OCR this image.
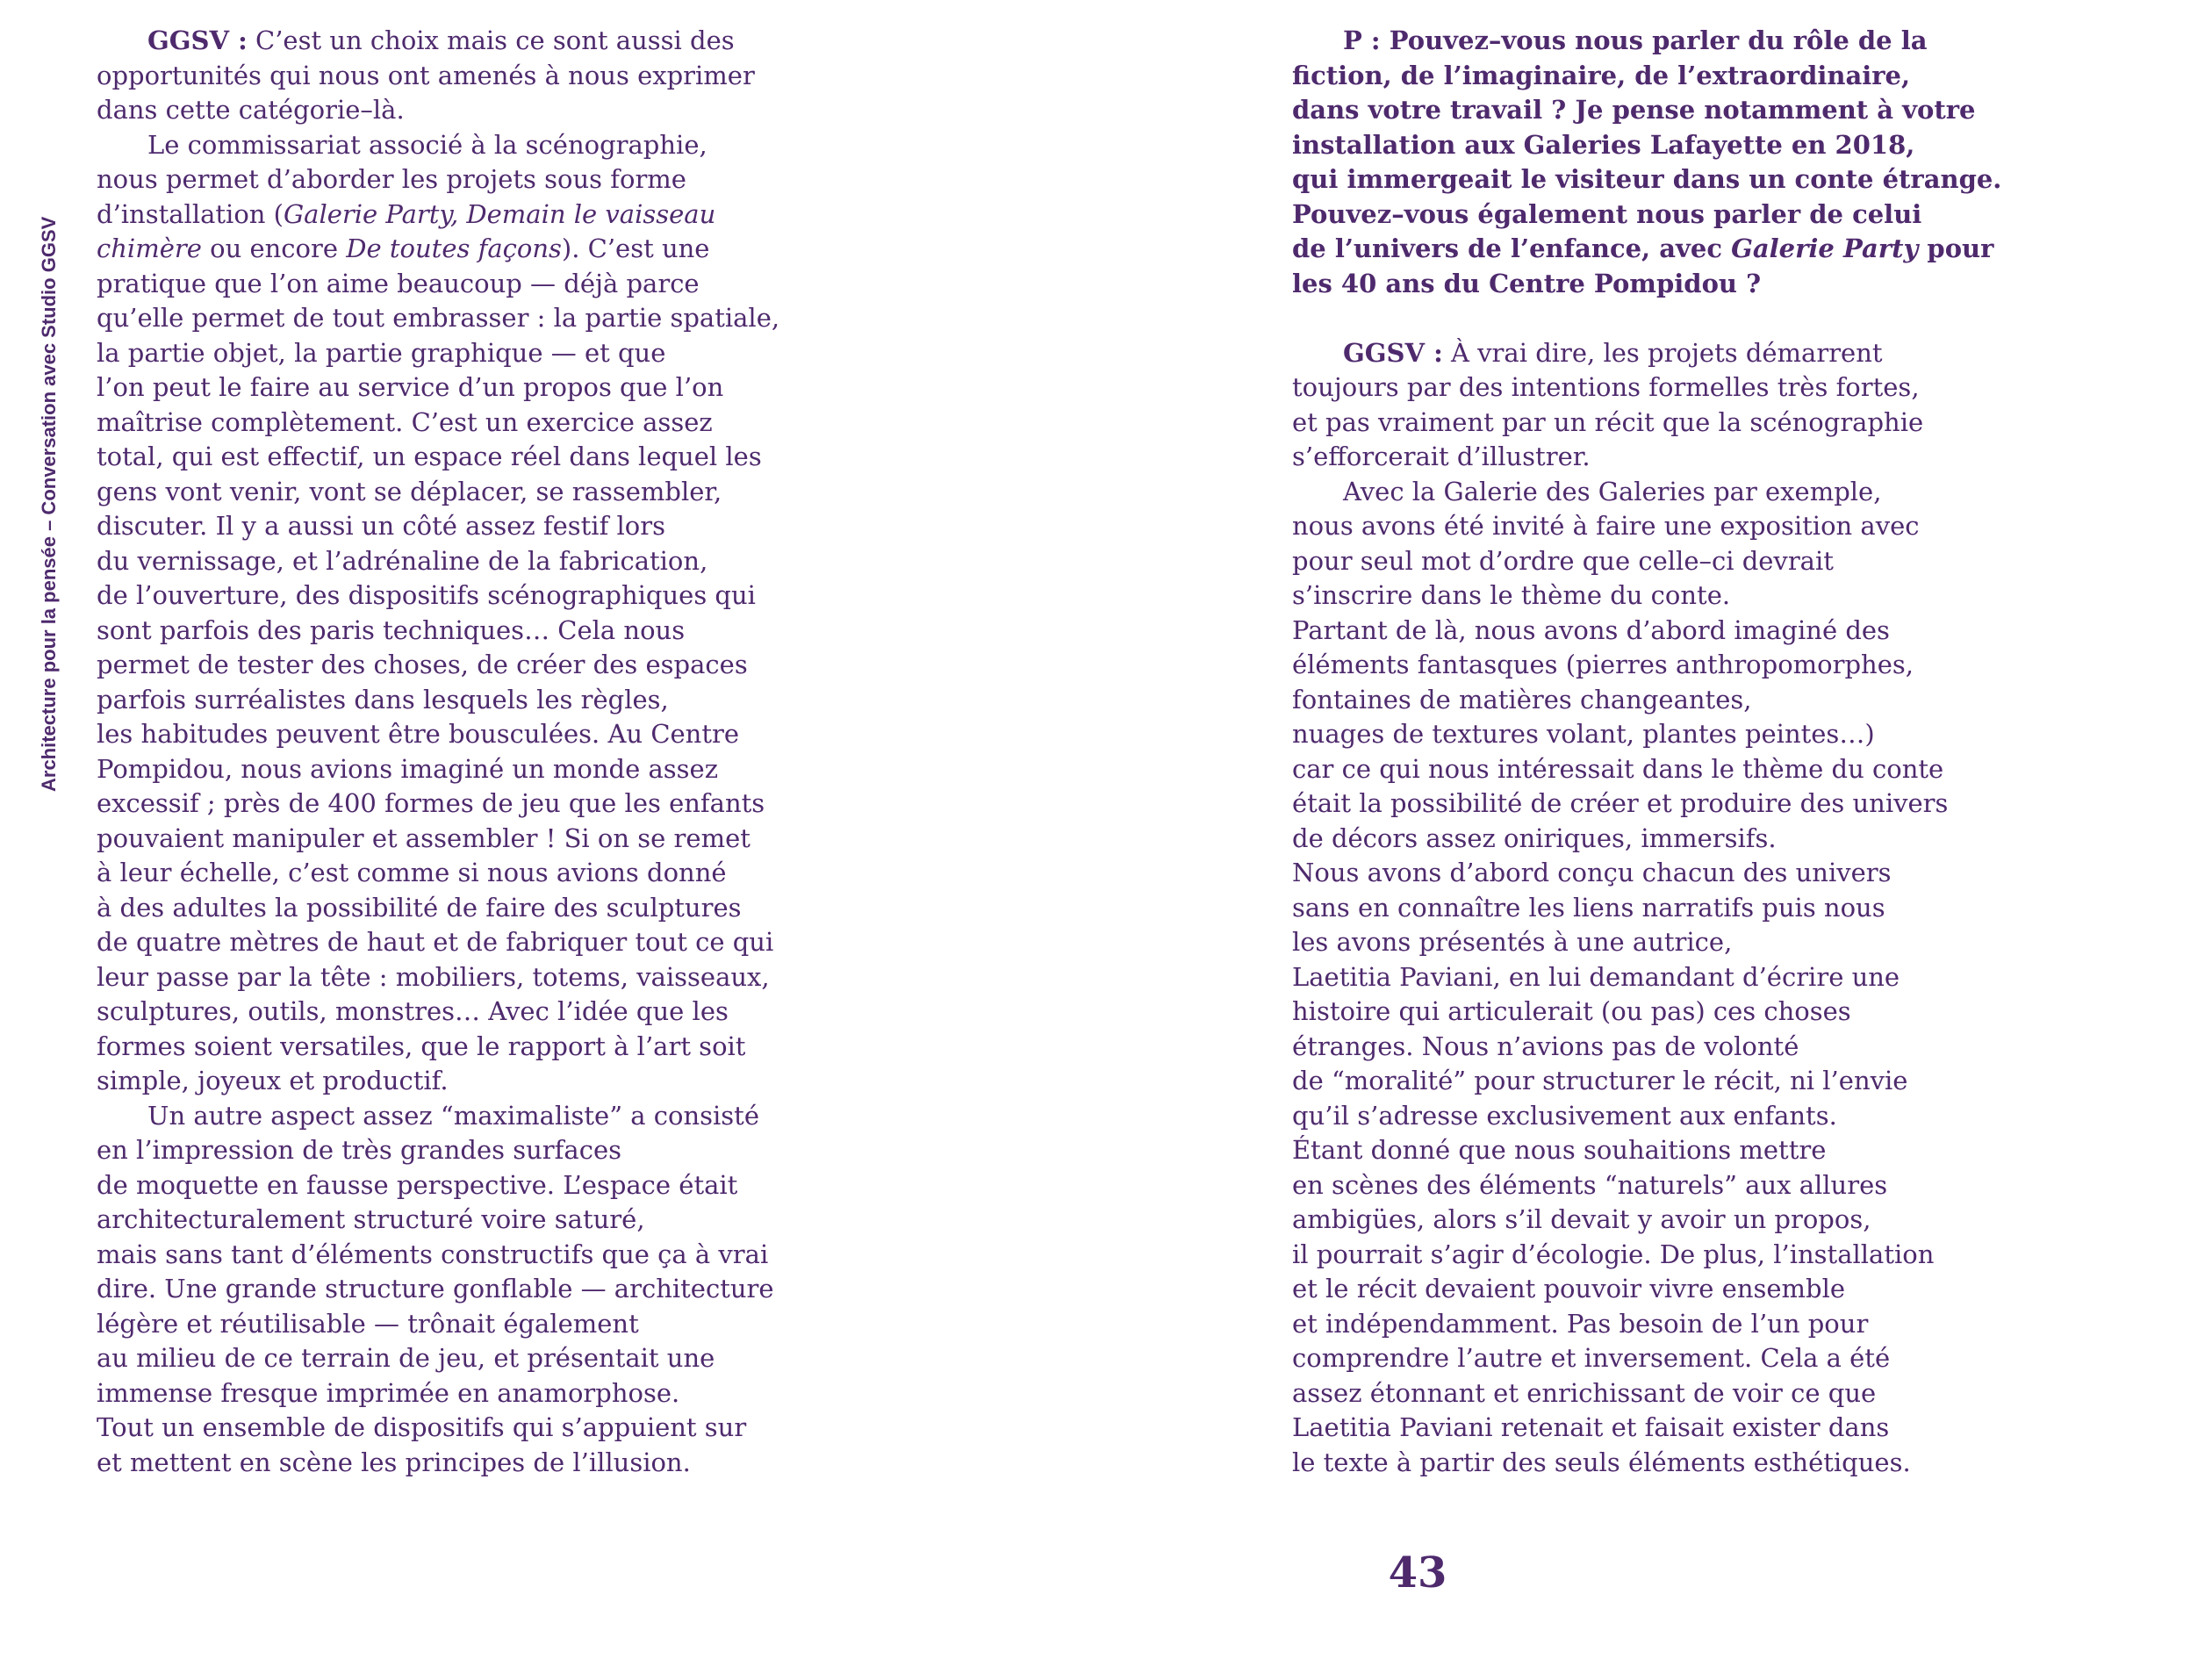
Architecture pour la pensée – Conversation avec Studio GGSV
GGSV : C’est un choix mais ce sont aussi des
opportunités qui nous ont amenés à nous exprimer
dans cette catégorie–là.
Le commissariat associé à la scénographie,
nous permet d’aborder les projets sous forme
d’installation (Galerie Party, Demain le vaisseau
chimère ou encore De toutes façons). C’est une
pratique que l’on aime beaucoup — déjà parce
qu’elle permet de tout embrasser : la partie spatiale,
la partie objet, la partie graphique — et que
l’on peut le faire au service d’un propos que l’on
maîtrise complètement. C’est un exercice assez
total, qui est effectif, un espace réel dans lequel les
gens vont venir, vont se déplacer, se rassembler,
discuter. Il y a aussi un côté assez festif lors
du vernissage, et l’adrénaline de la fabrication,
de l’ouverture, des dispositifs scénographiques qui
sont parfois des paris techniques… Cela nous
permet de tester des choses, de créer des espaces
parfois surréalistes dans lesquels les règles,
les habitudes peuvent être bousculées. Au Centre
Pompidou, nous avions imaginé un monde assez
excessif ; près de 400 formes de jeu que les enfants
pouvaient manipuler et assembler ! Si on se remet
à leur échelle, c’est comme si nous avions donné
à des adultes la possibilité de faire des sculptures
de quatre mètres de haut et de fabriquer tout ce qui
leur passe par la tête : mobiliers, totems, vaisseaux,
sculptures, outils, monstres… Avec l’idée que les
formes soient versatiles, que le rapport à l’art soit
simple, joyeux et productif.
Un autre aspect assez “maximaliste” a consisté
en l’impression de très grandes surfaces
de moquette en fausse perspective. L’espace était
architecturalement structuré voire saturé,
mais sans tant d’éléments constructifs que ça à vrai
dire. Une grande structure gonflable — architecture
légère et réutilisable — trônait également
au milieu de ce terrain de jeu, et présentait une
immense fresque imprimée en anamorphose.
Tout un ensemble de dispositifs qui s’appuient sur
et mettent en scène les principes de l’illusion.
P : Pouvez–vous nous parler du rôle de la
fiction, de l’imaginaire, de l’extraordinaire,
dans votre travail ? Je pense notamment à votre
installation aux Galeries Lafayette en 2018,
qui immergeait le visiteur dans un conte étrange.
Pouvez–vous également nous parler de celui
de l’univers de l’enfance, avec Galerie Party pour
les 40 ans du Centre Pompidou ?
GGSV : À vrai dire, les projets démarrent
toujours par des intentions formelles très fortes,
et pas vraiment par un récit que la scénographie
s’efforcerait d’illustrer.
Avec la Galerie des Galeries par exemple,
nous avons été invité à faire une exposition avec
pour seul mot d’ordre que celle–ci devrait
s’inscrire dans le thème du conte.
Partant de là, nous avons d’abord imaginé des
éléments fantasques (pierres anthropomorphes,
fontaines de matières changeantes,
nuages de textures volant, plantes peintes…)
car ce qui nous intéressait dans le thème du conte
était la possibilité de créer et produire des univers
de décors assez oniriques, immersifs.
Nous avons d’abord conçu chacun des univers
sans en connaître les liens narratifs puis nous
les avons présentés à une autrice,
Laetitia Paviani, en lui demandant d’écrire une
histoire qui articulerait (ou pas) ces choses
étranges. Nous n’avions pas de volonté
de “moralité” pour structurer le récit, ni l’envie
qu’il s’adresse exclusivement aux enfants.
Étant donné que nous souhaitions mettre
en scènes des éléments “naturels” aux allures
ambigües, alors s’il devait y avoir un propos,
il pourrait s’agir d’écologie. De plus, l’installation
et le récit devaient pouvoir vivre ensemble
et indépendamment. Pas besoin de l’un pour
comprendre l’autre et inversement. Cela a été
assez étonnant et enrichissant de voir ce que
Laetitia Paviani retenait et faisait exister dans
le texte à partir des seuls éléments esthétiques.
43
